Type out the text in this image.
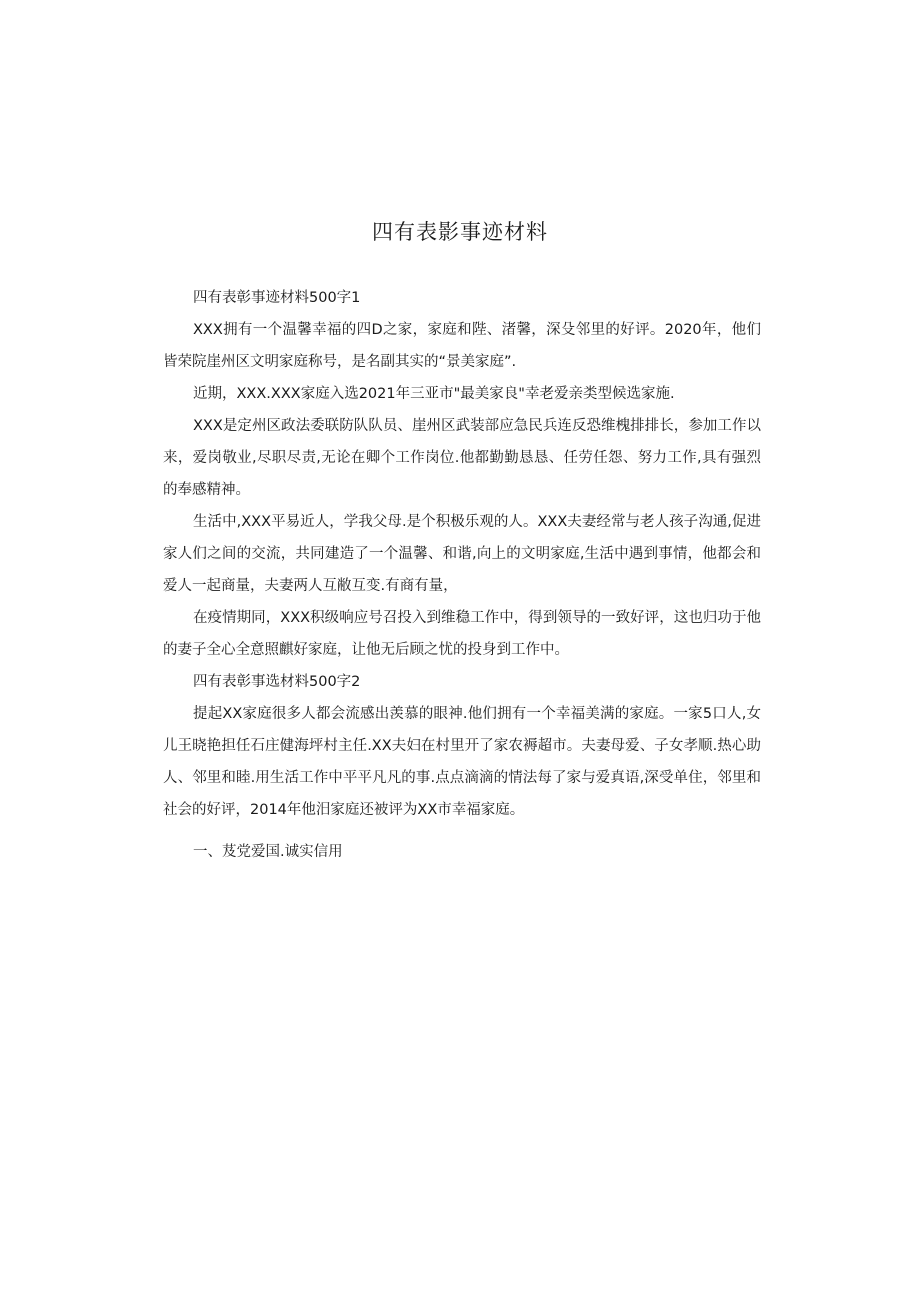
四有表影事迹材料

四有表彰事迹材料500字1

XXX拥有一个温馨幸福的四D之家，家庭和陛、渚馨，深殳邻里的好评。2020年，他们皆荣院崖州区文明家庭称号，是名副其实的“景美家庭”.

近期，XXX.XXX家庭入选2021年三亚市"最美家良"幸老爱亲类型候选家施.

XXX是定州区政法委联防队队员、崖州区武装部应急民兵连反恐维槐排排长，参加工作以来，爱岗敬业,尽职尽责,无论在卿个工作岗位.他都勤勤恳恳、任劳任怨、努力工作,具有强烈的奉感精神。

生活中,XXX平易近人，学我父母.是个积极乐观的人。XXX夫妻经常与老人孩子沟通,促进家人们之间的交流，共同建造了一个温馨、和谐,向上的文明家庭,生活中遇到事情，他都会和爱人一起商量，夫妻两人互敝互变.有商有量，

在疫情期同，XXX积级响应号召投入到维稳工作中，得到领导的一致好评，这也归功于他的妻子全心全意照麒好家庭，让他无后顾之忧的投身到工作中。

四有表彰事选材料500字2

提起XX家庭很多人都会流感出羡慕的眼神.他们拥有一个幸福美满的家庭。一家5口人,女儿王晓艳担任石庄健海坪村主任.XX夫妇在村里开了家农褥超市。夫妻母爱、子女孝顺.热心助人、邻里和睦.用生活工作中平平凡凡的事.点点滴滴的情法每了家与爱真语,深受单住，邻里和社会的好评，2014年他汨家庭还被评为XX市幸福家庭。

一、芨党爱国.诚实信用
